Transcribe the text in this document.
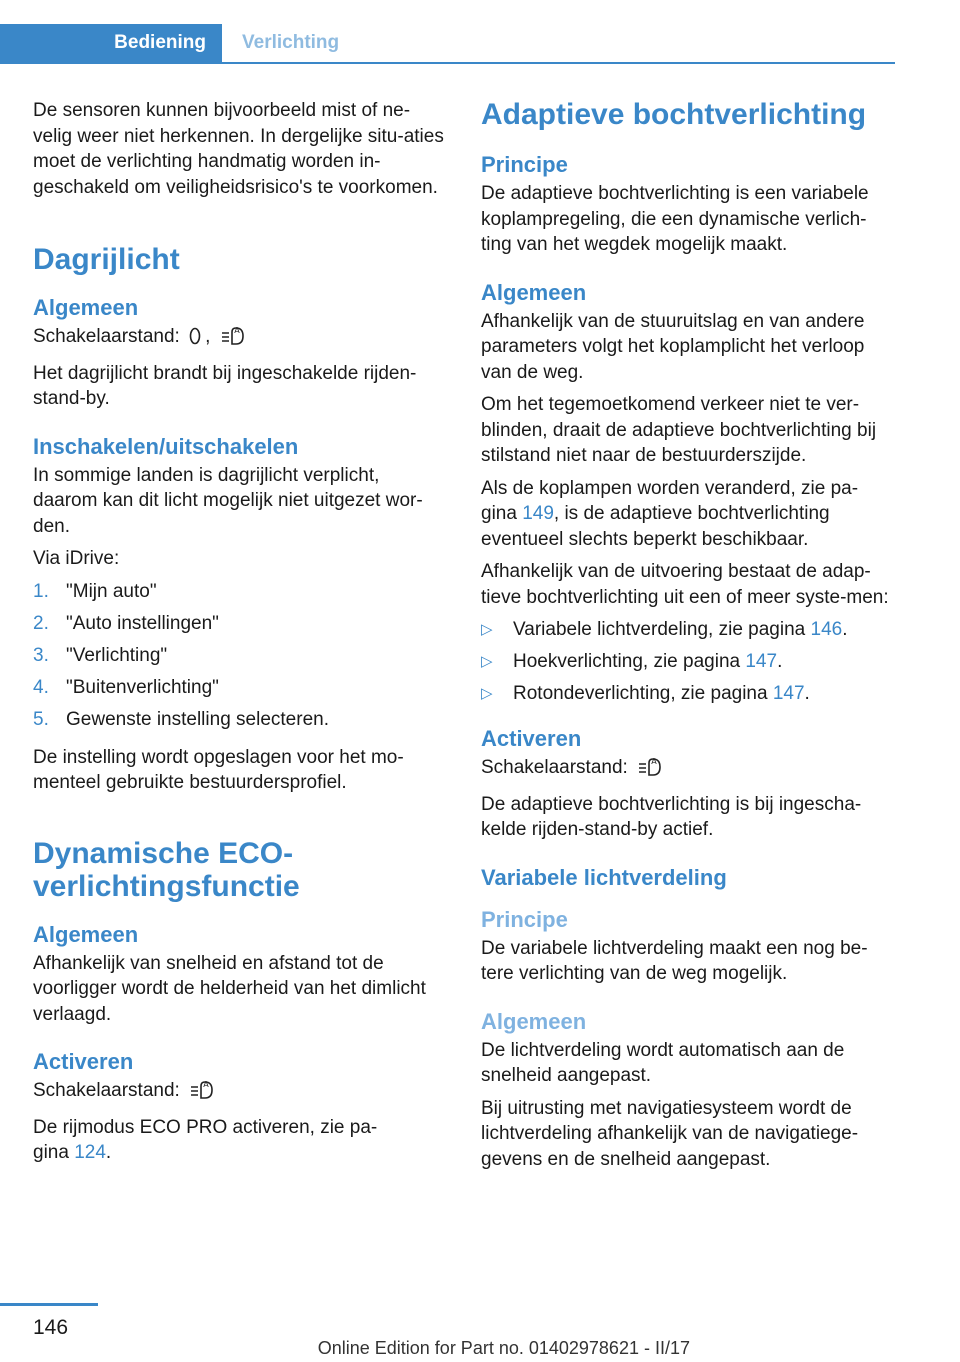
Bediening	Verlichting

De sensoren kunnen bijvoorbeeld mist of ne-velig weer niet herkennen. In dergelijke situ-aties moet de verlichting handmatig worden in-geschakeld om veiligheidsrisico's te voorkomen.

Dagrijlicht
Algemeen

Schakelaarstand: ,	A

Het dagrijlicht brandt bij ingeschakelde rijden-stand-by.

Inschakelen/uitschakelen

In sommige landen is dagrijlicht verplicht, daarom kan dit licht mogelijk niet uitgezet wor-den.

Via iDrive:

1. "Mijn auto"
2. "Auto instellingen"
3. "Verlichting"
4. "Buitenverlichting"
5. Gewenste instelling selecteren.

De instelling wordt opgeslagen voor het mo-menteel gebruikte bestuurdersprofiel.

Dynamische ECO-
verlichtingsfunctie
Algemeen

Afhankelijk van snelheid en afstand tot de voorligger wordt de helderheid van het dimlicht verlaagd.

Activeren

Schakelaarstand:	A

De rijmodus ECO PRO activeren, zie pa-
gina 124.

Adaptieve bochtverlichting
Principe

De adaptieve bochtverlichting is een variabele koplampregeling, die een dynamische verlich-ting van het wegdek mogelijk maakt.

Algemeen

Afhankelijk van de stuuruitslag en van andere parameters volgt het koplamplicht het verloop van de weg.

Om het tegemoetkomend verkeer niet te ver-blinden, draait de adaptieve bochtverlichting bij stilstand niet naar de bestuurderszijde.

Als de koplampen worden veranderd, zie pa-
gina 149, is de adaptieve bochtverlichting eventueel slechts beperkt beschikbaar.

Afhankelijk van de uitvoering bestaat de adap-tieve bochtverlichting uit een of meer syste-men:

▷ Variabele lichtverdeling, zie pagina 146.
▷ Hoekverlichting, zie pagina 147.
▷ Rotondeverlichting, zie pagina 147.
Activeren

Schakelaarstand:	A

De adaptieve bochtverlichting is bij ingescha-kelde rijden-stand-by actief.

Variabele lichtverdeling
Principe

De variabele lichtverdeling maakt een nog be-tere verlichting van de weg mogelijk.

Algemeen

De lichtverdeling wordt automatisch aan de snelheid aangepast.

Bij uitrusting met navigatiesysteem wordt de lichtverdeling afhankelijk van de navigatiege-gevens en de snelheid aangepast.

146
Online Edition for Part no. 01402978621 - II/17
